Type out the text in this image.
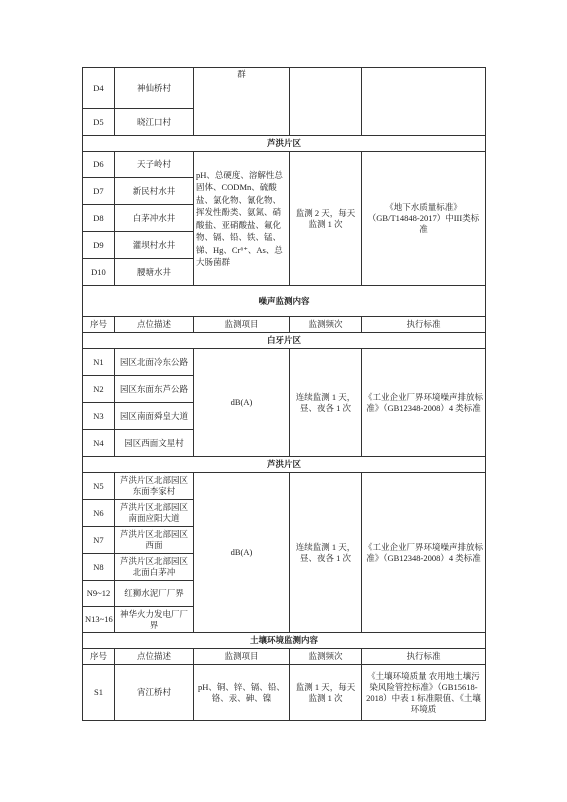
D4	神仙桥村	群		
D5	晓江口村			
芦洪片区				
D6	天子岭村	pH、总硬度、溶解性总固体、CODMn、硫酸盐、氯化物、氰化物、挥发性酚类、氨氮、硝酸盐、亚硝酸盐、氟化物、镉、铅、铁、锰、锑、Hg、Cr⁶⁺、As、总大肠菌群	监测 2 天，每天监测 1 次	《地下水质量标准》（GB/T14848-2017）中III类标准
D7	新民村水井			
D8	白茅冲水井			
D9	灌坝村水井			
D10	腰塘水井			
噪声监测内容				
序号	点位描述	监测项目	监测频次	执行标准
白牙片区				
N1	园区北面冷东公路	dB(A)	连续监测 1 天，昼、夜各 1 次	《工业企业厂界环境噪声排放标准》（GB12348-2008）4 类标准
N2	园区东面东芦公路			
N3	园区南面舜皇大道			
N4	园区西面文星村			
芦洪片区				
N5	芦洪片区北部园区东面李家村	dB(A)	连续监测 1 天，昼、夜各 1 次	《工业企业厂界环境噪声排放标准》（GB12348-2008）4 类标准
N6	芦洪片区北部园区南面应阳大道			
N7	芦洪片区北部园区西面			
N8	芦洪片区北部园区北面白茅冲			
N9~12	红狮水泥厂厂界			
N13~16	神华火力发电厂厂界			
土壤环境监测内容				
序号	点位描述	监测项目	监测频次	执行标准
S1	宵江桥村	pH、铜、锌、镉、铅、铬、汞、砷、镍	监测 1 天，每天监测 1 次	《土壤环境质量 农用地土壤污染风险管控标准》（GB15618-2018）中表 1 标准限值、《土壤环境质
